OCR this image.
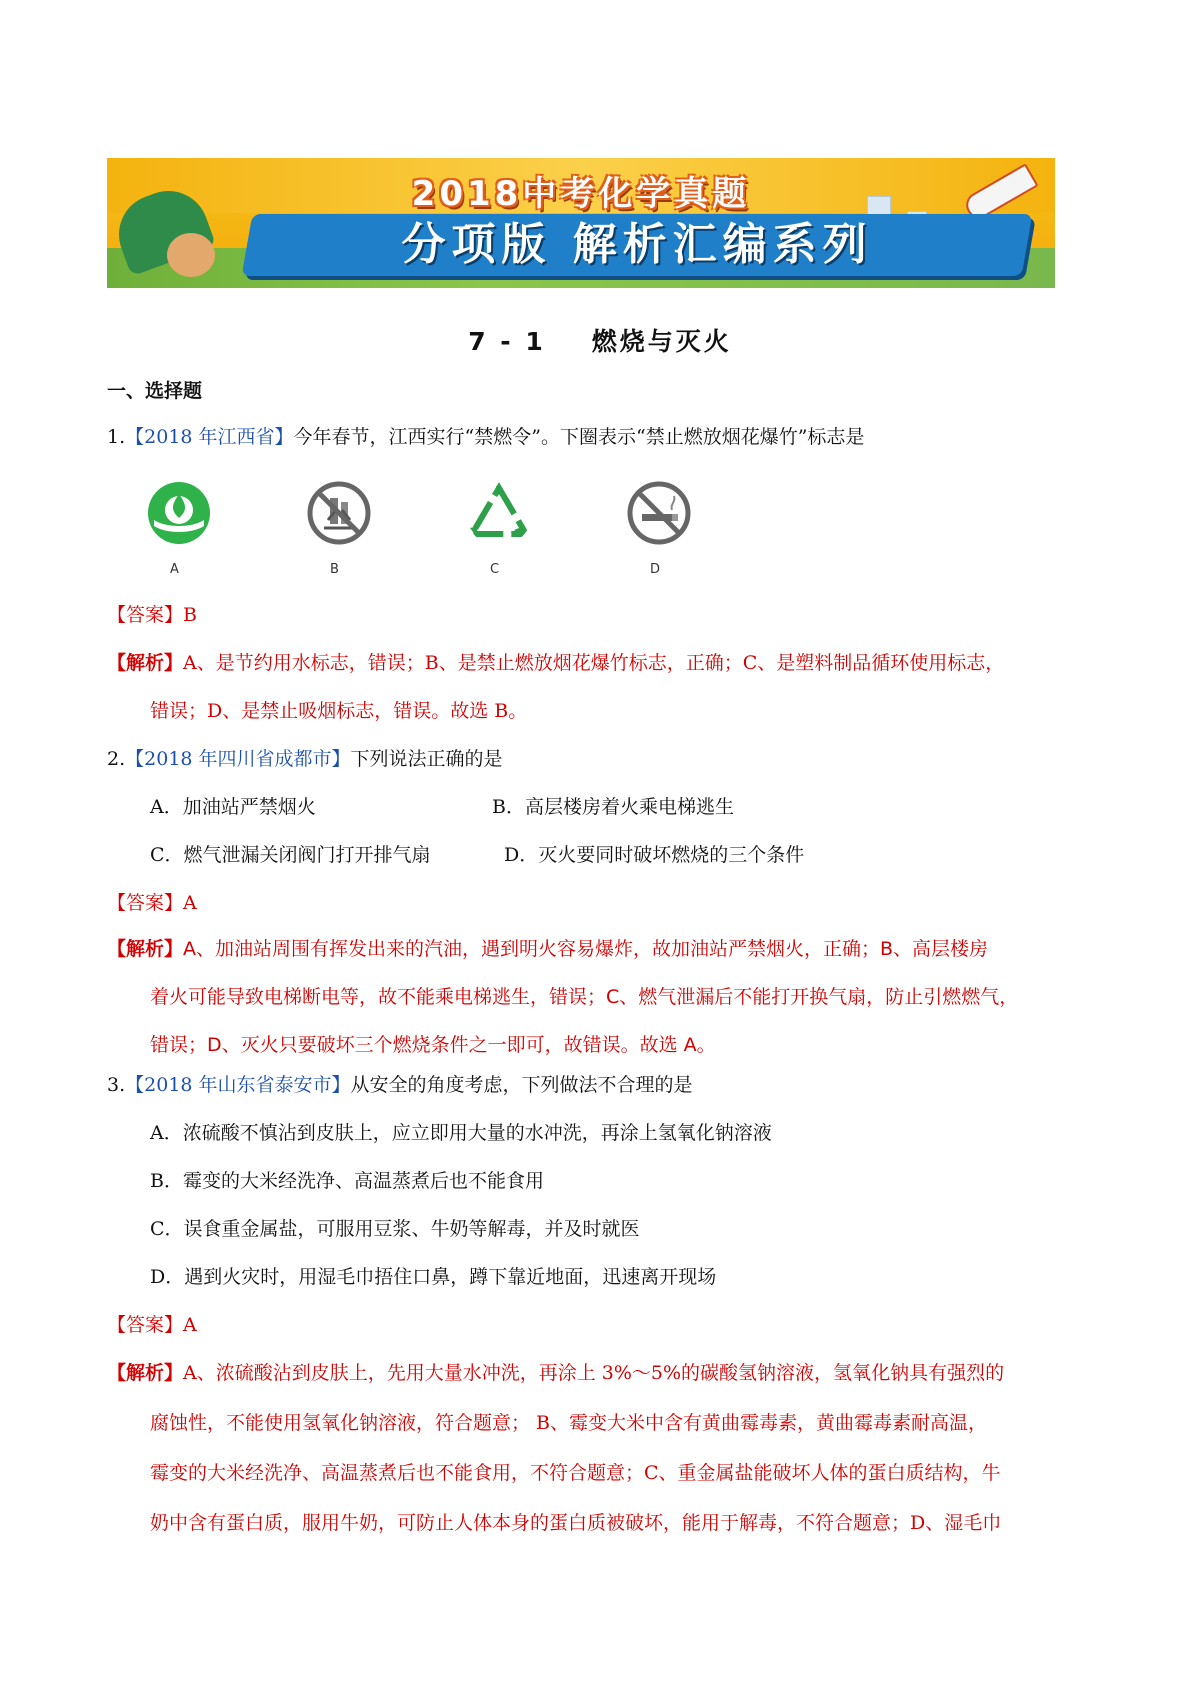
2018中考化学真题
分项版 解析汇编系列
7 - 1 燃烧与灭火
一、选择题
1.【2018 年江西省】今年春节，江西实行“禁燃令”。下圈表示“禁止燃放烟花爆竹”标志是
A	B	C	D
【答案】B
【解析】A、是节约用水标志，错误；B、是禁止燃放烟花爆竹标志，正确；C、是塑料制品循环使用标志，
错误；D、是禁止吸烟标志，错误。故选 B。
2.【2018 年四川省成都市】下列说法正确的是
A．加油站严禁烟火	B．高层楼房着火乘电梯逃生
C．燃气泄漏关闭阀门打开排气扇	D．灭火要同时破坏燃烧的三个条件
【答案】A
【解析】A、加油站周围有挥发出来的汽油，遇到明火容易爆炸，故加油站严禁烟火，正确；B、高层楼房
着火可能导致电梯断电等，故不能乘电梯逃生，错误；C、燃气泄漏后不能打开换气扇，防止引燃燃气，
错误；D、灭火只要破坏三个燃烧条件之一即可，故错误。故选 A。
3.【2018 年山东省泰安市】从安全的角度考虑，下列做法不合理的是
A．浓硫酸不慎沾到皮肤上，应立即用大量的水冲洗，再涂上氢氧化钠溶液
B．霉变的大米经洗净、高温蒸煮后也不能食用
C．误食重金属盐，可服用豆浆、牛奶等解毒，并及时就医
D．遇到火灾时，用湿毛巾捂住口鼻，蹲下靠近地面，迅速离开现场
【答案】A
【解析】A、浓硫酸沾到皮肤上，先用大量水冲洗，再涂上 3%～5%的碳酸氢钠溶液，氢氧化钠具有强烈的
腐蚀性，不能使用氢氧化钠溶液，符合题意； B、霉变大米中含有黄曲霉毒素，黄曲霉毒素耐高温，
霉变的大米经洗净、高温蒸煮后也不能食用，不符合题意；C、重金属盐能破坏人体的蛋白质结构，牛
奶中含有蛋白质，服用牛奶，可防止人体本身的蛋白质被破坏，能用于解毒，不符合题意；D、湿毛巾
